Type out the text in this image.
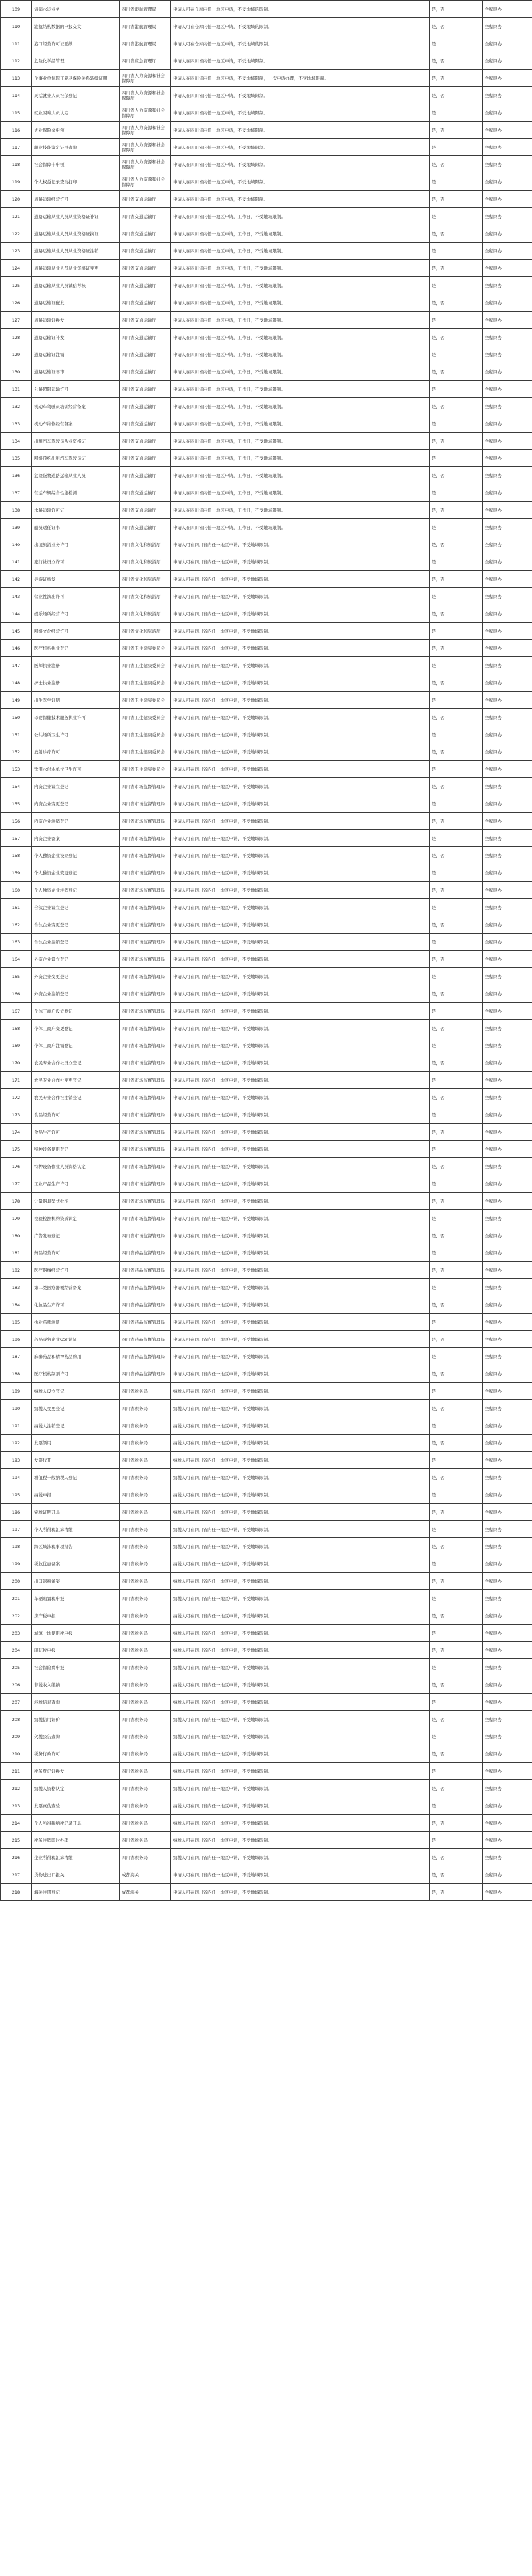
109	请销水运业务	四川省港航管理局	申请人可在仓库内任一地区申请，不受地域的限制。		是，否	全程网办
110	港航结构数据的申报交文	四川省港航管理局	申请人可在仓库内任一地区申请，不受地域的限制。		是，否	全程网办
111	港口经营许可证延续	四川省港航管理局	申请人可在仓库内任一地区申请，不受地域的限制。		是	全程网办
112	危险化学品管理	四川省应急管理厅	申请人在四川省内任一地区申请，不受地域限制。		是，否	全程网办
113	企事业单位职工养老保险关系转续证明	四川省人力资源和社会保障厅	申请人在四川省内任一地区申请，不受地域限制，一次申请办理，不受地域限制。		是，否	全程网办
114	灵活就业人员社保登记	四川省人力资源和社会保障厅	申请人在四川省内任一地区申请，不受地域限制。		是，否	全程网办
115	就业困难人员认定	四川省人力资源和社会保障厅	申请人在四川省内任一地区申请，不受地域限制。		是	全程网办
116	失业保险金申领	四川省人力资源和社会保障厅	申请人在四川省内任一地区申请，不受地域限制。		是，否	全程网办
117	职业技能鉴定证书查询	四川省人力资源和社会保障厅	申请人在四川省内任一地区申请，不受地域限制。		是	全程网办
118	社会保障卡申领	四川省人力资源和社会保障厅	申请人在四川省内任一地区申请，不受地域限制。		是，否	全程网办
119	个人权益记录查询打印	四川省人力资源和社会保障厅	申请人在四川省内任一地区申请，不受地域限制。		是	全程网办
120	道路运输经营许可	四川省交通运输厅	申请人在四川省内任一地区申请，不受地域限制。		是，否	全程网办
121	道路运输从业人员从业资格证补证	四川省交通运输厅	申请人在四川省内任一地区申请，工作日，不受地域限制。		是	全程网办
122	道路运输从业人员从业资格证换证	四川省交通运输厅	申请人在四川省内任一地区申请，工作日，不受地域限制。		是，否	全程网办
123	道路运输从业人员从业资格证注销	四川省交通运输厅	申请人在四川省内任一地区申请，工作日，不受地域限制。		是	全程网办
124	道路运输从业人员从业资格证变更	四川省交通运输厅	申请人在四川省内任一地区申请，工作日，不受地域限制。		是，否	全程网办
125	道路运输从业人员诚信考核	四川省交通运输厅	申请人在四川省内任一地区申请，工作日，不受地域限制。		是	全程网办
126	道路运输证配发	四川省交通运输厅	申请人在四川省内任一地区申请，工作日，不受地域限制。		是，否	全程网办
127	道路运输证换发	四川省交通运输厅	申请人在四川省内任一地区申请，工作日，不受地域限制。		是	全程网办
128	道路运输证补发	四川省交通运输厅	申请人在四川省内任一地区申请，工作日，不受地域限制。		是，否	全程网办
129	道路运输证注销	四川省交通运输厅	申请人在四川省内任一地区申请，工作日，不受地域限制。		是	全程网办
130	道路运输证年审	四川省交通运输厅	申请人在四川省内任一地区申请，工作日，不受地域限制。		是，否	全程网办
131	公路超限运输许可	四川省交通运输厅	申请人在四川省内任一地区申请，工作日，不受地域限制。		是	全程网办
132	机动车驾驶员培训经营备案	四川省交通运输厅	申请人在四川省内任一地区申请，工作日，不受地域限制。		是，否	全程网办
133	机动车维修经营备案	四川省交通运输厅	申请人在四川省内任一地区申请，工作日，不受地域限制。		是	全程网办
134	出租汽车驾驶员从业资格证	四川省交通运输厅	申请人在四川省内任一地区申请，工作日，不受地域限制。		是，否	全程网办
135	网络预约出租汽车驾驶员证	四川省交通运输厅	申请人在四川省内任一地区申请，工作日，不受地域限制。		是	全程网办
136	危险货物道路运输从业人员	四川省交通运输厅	申请人在四川省内任一地区申请，工作日，不受地域限制。		是，否	全程网办
137	营运车辆综合性能检测	四川省交通运输厅	申请人在四川省内任一地区申请，工作日，不受地域限制。		是	全程网办
138	水路运输许可证	四川省交通运输厅	申请人在四川省内任一地区申请，工作日，不受地域限制。		是，否	全程网办
139	船员适任证书	四川省交通运输厅	申请人在四川省内任一地区申请，工作日，不受地域限制。		是	全程网办
140	出境旅游业务许可	四川省文化和旅游厅	申请人可在四川省内任一地区申请，不受地域限制。		是，否	全程网办
141	旅行社设立许可	四川省文化和旅游厅	申请人可在四川省内任一地区申请，不受地域限制。		是	全程网办
142	导游证核发	四川省文化和旅游厅	申请人可在四川省内任一地区申请，不受地域限制。		是，否	全程网办
143	营业性演出许可	四川省文化和旅游厅	申请人可在四川省内任一地区申请，不受地域限制。		是	全程网办
144	娱乐场所经营许可	四川省文化和旅游厅	申请人可在四川省内任一地区申请，不受地域限制。		是，否	全程网办
145	网络文化经营许可	四川省文化和旅游厅	申请人可在四川省内任一地区申请，不受地域限制。		是	全程网办
146	医疗机构执业登记	四川省卫生健康委员会	申请人可在四川省内任一地区申请，不受地域限制。		是，否	全程网办
147	医师执业注册	四川省卫生健康委员会	申请人可在四川省内任一地区申请，不受地域限制。		是	全程网办
148	护士执业注册	四川省卫生健康委员会	申请人可在四川省内任一地区申请，不受地域限制。		是，否	全程网办
149	出生医学证明	四川省卫生健康委员会	申请人可在四川省内任一地区申请，不受地域限制。		是	全程网办
150	母婴保健技术服务执业许可	四川省卫生健康委员会	申请人可在四川省内任一地区申请，不受地域限制。		是，否	全程网办
151	公共场所卫生许可	四川省卫生健康委员会	申请人可在四川省内任一地区申请，不受地域限制。		是	全程网办
152	放射诊疗许可	四川省卫生健康委员会	申请人可在四川省内任一地区申请，不受地域限制。		是，否	全程网办
153	饮用水供水单位卫生许可	四川省卫生健康委员会	申请人可在四川省内任一地区申请，不受地域限制。		是	全程网办
154	内资企业设立登记	四川省市场监督管理局	申请人可在四川省内任一地区申请，不受地域限制。		是，否	全程网办
155	内资企业变更登记	四川省市场监督管理局	申请人可在四川省内任一地区申请，不受地域限制。		是	全程网办
156	内资企业注销登记	四川省市场监督管理局	申请人可在四川省内任一地区申请，不受地域限制。		是，否	全程网办
157	内资企业备案	四川省市场监督管理局	申请人可在四川省内任一地区申请，不受地域限制。		是	全程网办
158	个人独资企业设立登记	四川省市场监督管理局	申请人可在四川省内任一地区申请，不受地域限制。		是，否	全程网办
159	个人独资企业变更登记	四川省市场监督管理局	申请人可在四川省内任一地区申请，不受地域限制。		是	全程网办
160	个人独资企业注销登记	四川省市场监督管理局	申请人可在四川省内任一地区申请，不受地域限制。		是，否	全程网办
161	合伙企业设立登记	四川省市场监督管理局	申请人可在四川省内任一地区申请，不受地域限制。		是	全程网办
162	合伙企业变更登记	四川省市场监督管理局	申请人可在四川省内任一地区申请，不受地域限制。		是，否	全程网办
163	合伙企业注销登记	四川省市场监督管理局	申请人可在四川省内任一地区申请，不受地域限制。		是	全程网办
164	外资企业设立登记	四川省市场监督管理局	申请人可在四川省内任一地区申请，不受地域限制。		是，否	全程网办
165	外资企业变更登记	四川省市场监督管理局	申请人可在四川省内任一地区申请，不受地域限制。		是	全程网办
166	外资企业注销登记	四川省市场监督管理局	申请人可在四川省内任一地区申请，不受地域限制。		是，否	全程网办
167	个体工商户设立登记	四川省市场监督管理局	申请人可在四川省内任一地区申请，不受地域限制。		是	全程网办
168	个体工商户变更登记	四川省市场监督管理局	申请人可在四川省内任一地区申请，不受地域限制。		是，否	全程网办
169	个体工商户注销登记	四川省市场监督管理局	申请人可在四川省内任一地区申请，不受地域限制。		是	全程网办
170	农民专业合作社设立登记	四川省市场监督管理局	申请人可在四川省内任一地区申请，不受地域限制。		是，否	全程网办
171	农民专业合作社变更登记	四川省市场监督管理局	申请人可在四川省内任一地区申请，不受地域限制。		是	全程网办
172	农民专业合作社注销登记	四川省市场监督管理局	申请人可在四川省内任一地区申请，不受地域限制。		是，否	全程网办
173	食品经营许可	四川省市场监督管理局	申请人可在四川省内任一地区申请，不受地域限制。		是	全程网办
174	食品生产许可	四川省市场监督管理局	申请人可在四川省内任一地区申请，不受地域限制。		是，否	全程网办
175	特种设备使用登记	四川省市场监督管理局	申请人可在四川省内任一地区申请，不受地域限制。		是	全程网办
176	特种设备作业人员资格认定	四川省市场监督管理局	申请人可在四川省内任一地区申请，不受地域限制。		是，否	全程网办
177	工业产品生产许可	四川省市场监督管理局	申请人可在四川省内任一地区申请，不受地域限制。		是	全程网办
178	计量器具型式批准	四川省市场监督管理局	申请人可在四川省内任一地区申请，不受地域限制。		是，否	全程网办
179	检验检测机构资质认定	四川省市场监督管理局	申请人可在四川省内任一地区申请，不受地域限制。		是	全程网办
180	广告发布登记	四川省市场监督管理局	申请人可在四川省内任一地区申请，不受地域限制。		是，否	全程网办
181	药品经营许可	四川省药品监督管理局	申请人可在四川省内任一地区申请，不受地域限制。		是	全程网办
182	医疗器械经营许可	四川省药品监督管理局	申请人可在四川省内任一地区申请，不受地域限制。		是，否	全程网办
183	第二类医疗器械经营备案	四川省药品监督管理局	申请人可在四川省内任一地区申请，不受地域限制。		是	全程网办
184	化妆品生产许可	四川省药品监督管理局	申请人可在四川省内任一地区申请，不受地域限制。		是，否	全程网办
185	执业药师注册	四川省药品监督管理局	申请人可在四川省内任一地区申请，不受地域限制。		是	全程网办
186	药品零售企业GSP认证	四川省药品监督管理局	申请人可在四川省内任一地区申请，不受地域限制。		是，否	全程网办
187	麻醉药品和精神药品购用	四川省药品监督管理局	申请人可在四川省内任一地区申请，不受地域限制。		是	全程网办
188	医疗机构制剂许可	四川省药品监督管理局	申请人可在四川省内任一地区申请，不受地域限制。		是，否	全程网办
189	纳税人设立登记	四川省税务局	纳税人可在四川省内任一地区申请，不受地域限制。		是	全程网办
190	纳税人变更登记	四川省税务局	纳税人可在四川省内任一地区申请，不受地域限制。		是，否	全程网办
191	纳税人注销登记	四川省税务局	纳税人可在四川省内任一地区申请，不受地域限制。		是	全程网办
192	发票领用	四川省税务局	纳税人可在四川省内任一地区申请，不受地域限制。		是，否	全程网办
193	发票代开	四川省税务局	纳税人可在四川省内任一地区申请，不受地域限制。		是	全程网办
194	增值税一般纳税人登记	四川省税务局	纳税人可在四川省内任一地区申请，不受地域限制。		是，否	全程网办
195	纳税申报	四川省税务局	纳税人可在四川省内任一地区申请，不受地域限制。		是	全程网办
196	完税证明开具	四川省税务局	纳税人可在四川省内任一地区申请，不受地域限制。		是，否	全程网办
197	个人所得税汇算清缴	四川省税务局	纳税人可在四川省内任一地区申请，不受地域限制。		是	全程网办
198	跨区域涉税事项报告	四川省税务局	纳税人可在四川省内任一地区申请，不受地域限制。		是，否	全程网办
199	税收优惠备案	四川省税务局	纳税人可在四川省内任一地区申请，不受地域限制。		是	全程网办
200	出口退税备案	四川省税务局	纳税人可在四川省内任一地区申请，不受地域限制。		是，否	全程网办
201	车辆购置税申报	四川省税务局	纳税人可在四川省内任一地区申请，不受地域限制。		是	全程网办
202	房产税申报	四川省税务局	纳税人可在四川省内任一地区申请，不受地域限制。		是，否	全程网办
203	城镇土地使用税申报	四川省税务局	纳税人可在四川省内任一地区申请，不受地域限制。		是	全程网办
204	印花税申报	四川省税务局	纳税人可在四川省内任一地区申请，不受地域限制。		是，否	全程网办
205	社会保险费申报	四川省税务局	纳税人可在四川省内任一地区申请，不受地域限制。		是	全程网办
206	非税收入缴纳	四川省税务局	纳税人可在四川省内任一地区申请，不受地域限制。		是，否	全程网办
207	涉税信息查询	四川省税务局	纳税人可在四川省内任一地区申请，不受地域限制。		是	全程网办
208	纳税信用评价	四川省税务局	纳税人可在四川省内任一地区申请，不受地域限制。		是，否	全程网办
209	欠税公告查询	四川省税务局	纳税人可在四川省内任一地区申请，不受地域限制。		是	全程网办
210	税务行政许可	四川省税务局	纳税人可在四川省内任一地区申请，不受地域限制。		是，否	全程网办
211	税务登记证换发	四川省税务局	纳税人可在四川省内任一地区申请，不受地域限制。		是	全程网办
212	纳税人资格认定	四川省税务局	纳税人可在四川省内任一地区申请，不受地域限制。		是，否	全程网办
213	发票真伪查验	四川省税务局	纳税人可在四川省内任一地区申请，不受地域限制。		是	全程网办
214	个人所得税纳税记录开具	四川省税务局	纳税人可在四川省内任一地区申请，不受地域限制。		是，否	全程网办
215	税务注销即时办理	四川省税务局	纳税人可在四川省内任一地区申请，不受地域限制。		是	全程网办
216	企业所得税汇算清缴	四川省税务局	纳税人可在四川省内任一地区申请，不受地域限制。		是，否	全程网办
217	货物进出口报关	成都海关	申请人可在四川省内任一地区申请，不受地域限制。		是，否	全程网办
218	海关注册登记	成都海关	申请人可在四川省内任一地区申请，不受地域限制。		是，否	全程网办
